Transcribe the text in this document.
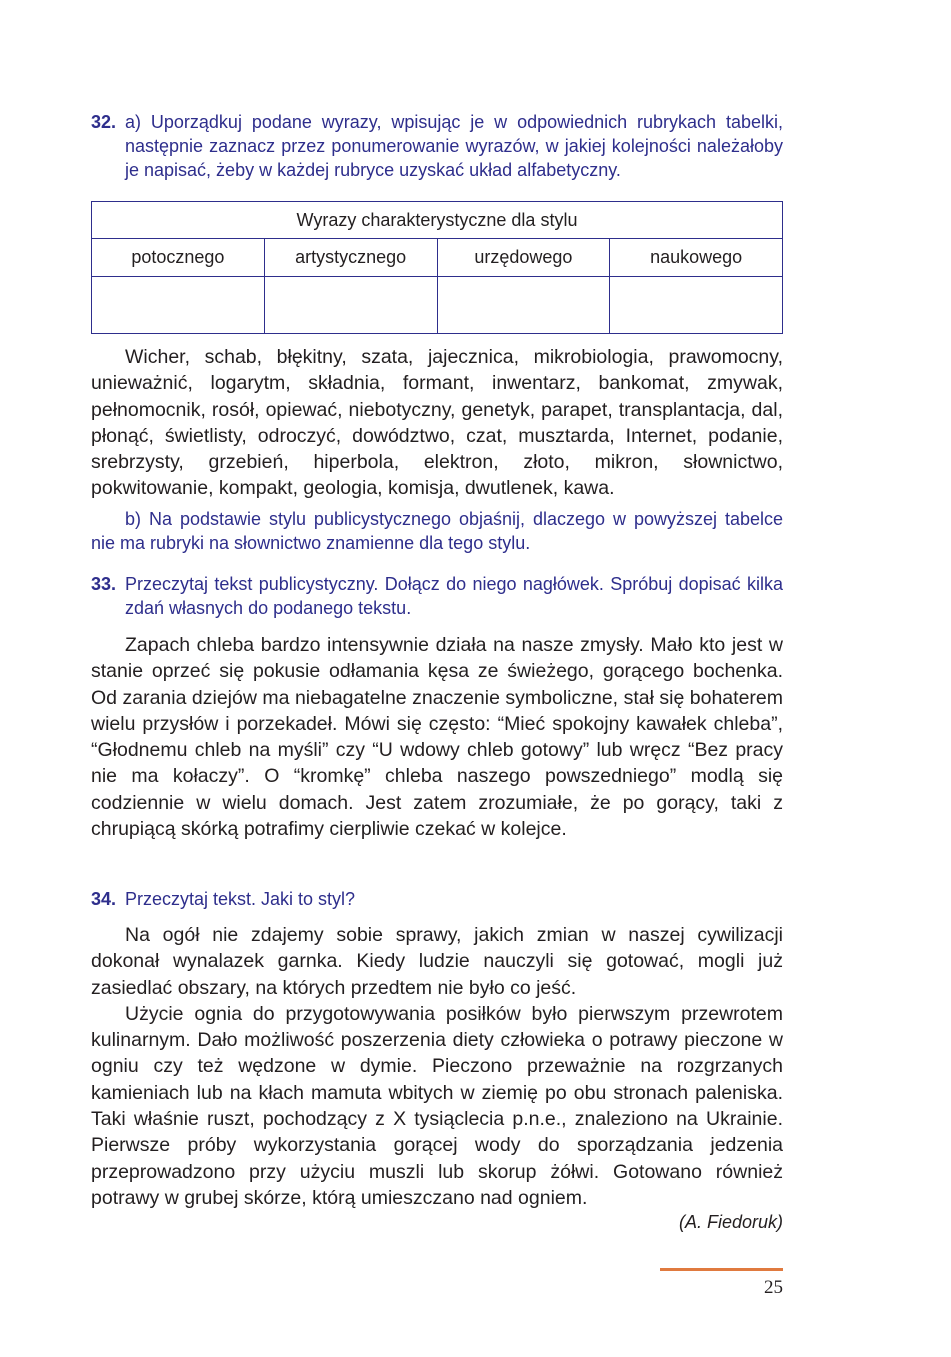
32. a) Uporządkuj podane wyrazy, wpisując je w odpowiednich rubrykach tabelki, następnie zaznacz przez ponumerowanie wyrazów, w jakiej kolejności należałoby je napisać, żeby w każdej rubryce uzyskać układ alfabetyczny.
Wyrazy charakterystyczne dla stylu			
potocznego	artystycznego	urzędowego	naukowego

Wicher, schab, błękitny, szata, jajecznica, mikrobiologia, prawomocny, unieważnić, logarytm, składnia, formant, inwentarz, bankomat, zmywak, pełnomocnik, rosół, opiewać, niebotyczny, genetyk, parapet, transplantacja, dal, płonąć, świetlisty, odroczyć, dowództwo, czat, musztarda, Internet, podanie, srebrzysty, grzebień, hiperbola, elektron, złoto, mikron, słownictwo, pokwitowanie, kompakt, geologia, komisja, dwutlenek, kawa.

b) Na podstawie stylu publicystycznego objaśnij, dlaczego w powyższej tabelce nie ma rubryki na słownictwo znamienne dla tego stylu.

33. Przeczytaj tekst publicystyczny. Dołącz do niego nagłówek. Spróbuj dopisać kilka zdań własnych do podanego tekstu.

Zapach chleba bardzo intensywnie działa na nasze zmysły. Mało kto jest w stanie oprzeć się pokusie odłamania kęsa ze świeżego, gorącego bochenka. Od zarania dziejów ma niebagatelne znaczenie symboliczne, stał się bohaterem wielu przysłów i porzekadeł. Mówi się często: “Mieć spokojny kawałek chleba”, “Głodnemu chleb na myśli” czy “U wdowy chleb gotowy” lub wręcz “Bez pracy nie ma kołaczy”. O “kromkę” chleba naszego powszedniego” modlą się codziennie w wielu domach. Jest zatem zrozumiałe, że po gorący, taki z chrupiącą skórką potrafimy cierpliwie czekać w kolejce.

34. Przeczytaj tekst. Jaki to styl?

Na ogół nie zdajemy sobie sprawy, jakich zmian w naszej cywilizacji dokonał wynalazek garnka. Kiedy ludzie nauczyli się gotować, mogli już zasiedlać obszary, na których przedtem nie było co jeść.

Użycie ognia do przygotowywania posiłków było pierwszym przewrotem kulinarnym. Dało możliwość poszerzenia diety człowieka o potrawy pieczone w ogniu czy też wędzone w dymie. Pieczono przeważnie na rozgrzanych kamieniach lub na kłach mamuta wbitych w ziemię po obu stronach paleniska. Taki właśnie ruszt, pochodzący z X tysiąclecia p.n.e., znaleziono na Ukrainie. Pierwsze próby wykorzystania gorącej wody do sporządzania jedzenia przeprowadzono przy użyciu muszli lub skorup żółwi. Gotowano również potrawy w grubej skórze, którą umieszczano nad ogniem.

(A. Fiedoruk)
25
